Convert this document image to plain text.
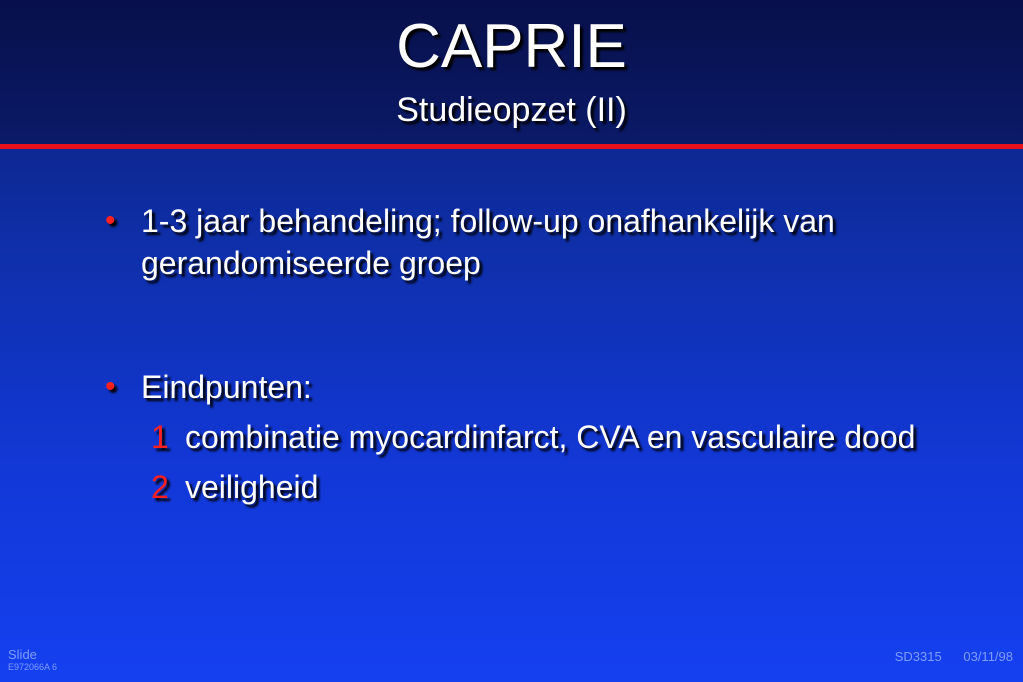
CAPRIE
Studieopzet (II)
• 1-3 jaar behandeling; follow-up onafhankelijk van gerandomiseerde groep
• Eindpunten:
1 combinatie myocardinfarct, CVA en vasculaire dood
2 veiligheid
Slide
E972066A 6
SD3315 03/11/98
